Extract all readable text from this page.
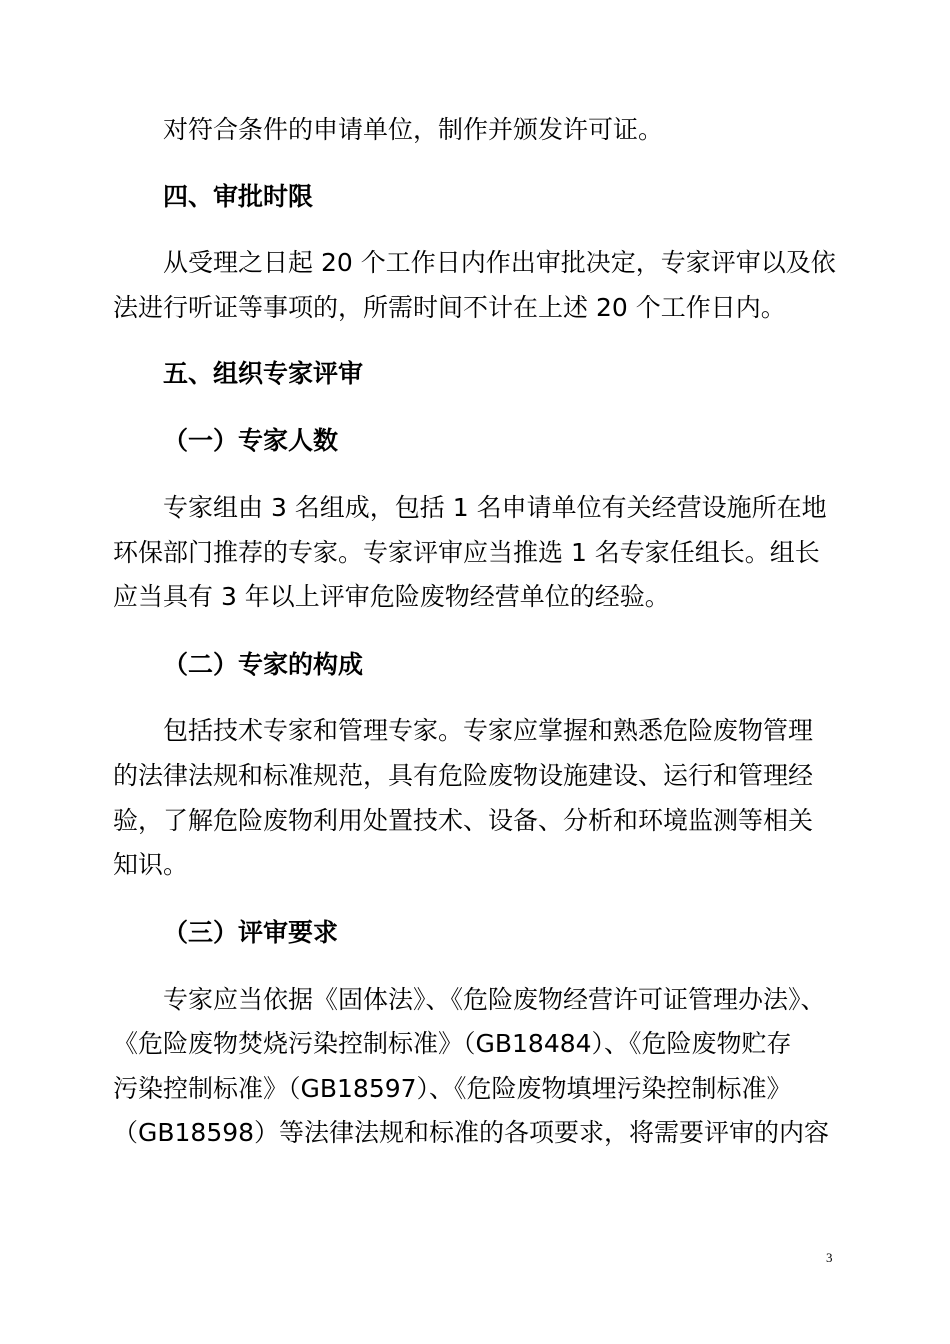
对符合条件的申请单位，制作并颁发许可证。
四、审批时限
从受理之日起 20 个工作日内作出审批决定，专家评审以及依
法进行听证等事项的，所需时间不计在上述 20 个工作日内。
五、组织专家评审
（一）专家人数
专家组由 3 名组成，包括 1 名申请单位有关经营设施所在地
环保部门推荐的专家。专家评审应当推选 1 名专家任组长。组长
应当具有 3 年以上评审危险废物经营单位的经验。
（二）专家的构成
包括技术专家和管理专家。专家应掌握和熟悉危险废物管理
的法律法规和标准规范，具有危险废物设施建设、运行和管理经
验，了解危险废物利用处置技术、设备、分析和环境监测等相关
知识。
（三）评审要求
专家应当依据《固体法》、《危险废物经营许可证管理办法》、
《危险废物焚烧污染控制标准》（GB18484）、《危险废物贮存
污染控制标准》（GB18597）、《危险废物填埋污染控制标准》
（GB18598）等法律法规和标准的各项要求，将需要评审的内容
3
